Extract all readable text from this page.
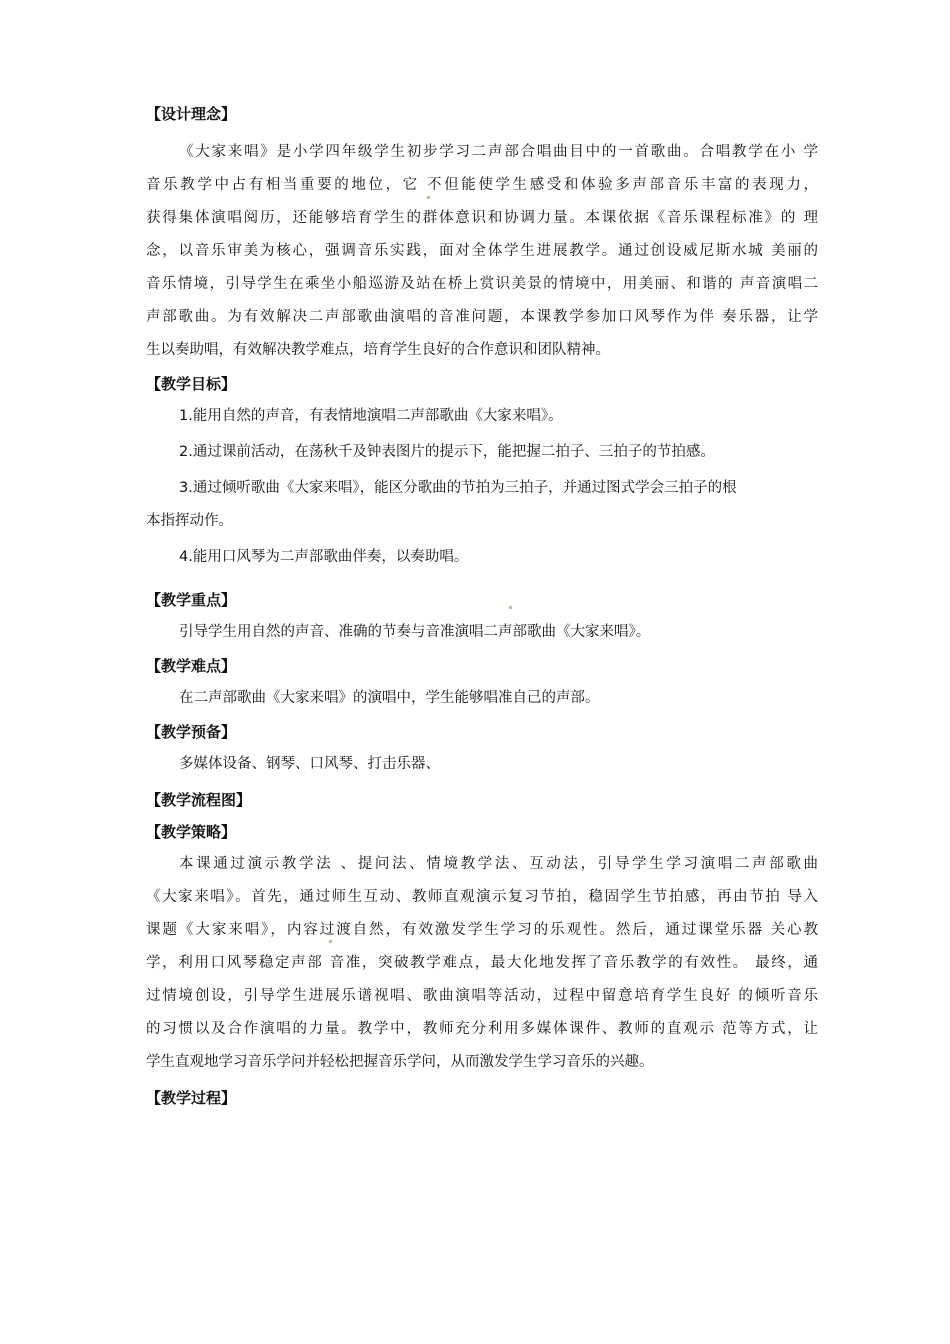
【设计理念】
《大家来唱》是小学四年级学生初步学习二声部合唱曲目中的一首歌曲。合唱教学在小 学
音乐教学中占有相当重要的地位，它 不但能使学生感受和体验多声部音乐丰富的表现力，
获得集体演唱阅历，还能够培育学生的群体意识和协调力量。本课依据《音乐课程标准》的 理
念，以音乐审美为核心，强调音乐实践，面对全体学生进展教学。通过创设威尼斯水城 美丽的
音乐情境，引导学生在乘坐小船巡游及站在桥上赏识美景的情境中，用美丽、和谐的 声音演唱二
声部歌曲。为有效解决二声部歌曲演唱的音准问题，本课教学参加口风琴作为伴 奏乐器，让学
生以奏助唱，有效解决教学难点，培育学生良好的合作意识和团队精神。
【教学目标】
1.能用自然的声音，有表情地演唱二声部歌曲《大家来唱》。
2.通过课前活动，在荡秋千及钟表图片的提示下，能把握二拍子、三拍子的节拍感。
3.通过倾听歌曲《大家来唱》，能区分歌曲的节拍为三拍子，并通过图式学会三拍子的根
本指挥动作。
4.能用口风琴为二声部歌曲伴奏，以奏助唱。
【教学重点】
引导学生用自然的声音、准确的节奏与音准演唱二声部歌曲《大家来唱》。
【教学难点】
在二声部歌曲《大家来唱》的演唱中，学生能够唱准自己的声部。
【教学预备】
多媒体设备、钢琴、口风琴、打击乐器、
【教学流程图】
【教学策略】
本课通过演示教学法 、提问法、情境教学法、互动法，引导学生学习演唱二声部歌曲
《大家来唱》。首先，通过师生互动、教师直观演示复习节拍，稳固学生节拍感，再由节拍 导入
课题《大家来唱》，内容过渡自然，有效激发学生学习的乐观性。然后，通过课堂乐器 关心教
学，利用口风琴稳定声部 音准，突破教学难点，最大化地发挥了音乐教学的有效性。 最终，通
过情境创设，引导学生进展乐谱视唱、歌曲演唱等活动，过程中留意培育学生良好 的倾听音乐
的习惯以及合作演唱的力量。教学中，教师充分利用多媒体课件、教师的直观示 范等方式，让
学生直观地学习音乐学问并轻松把握音乐学问，从而激发学生学习音乐的兴趣。
【教学过程】
